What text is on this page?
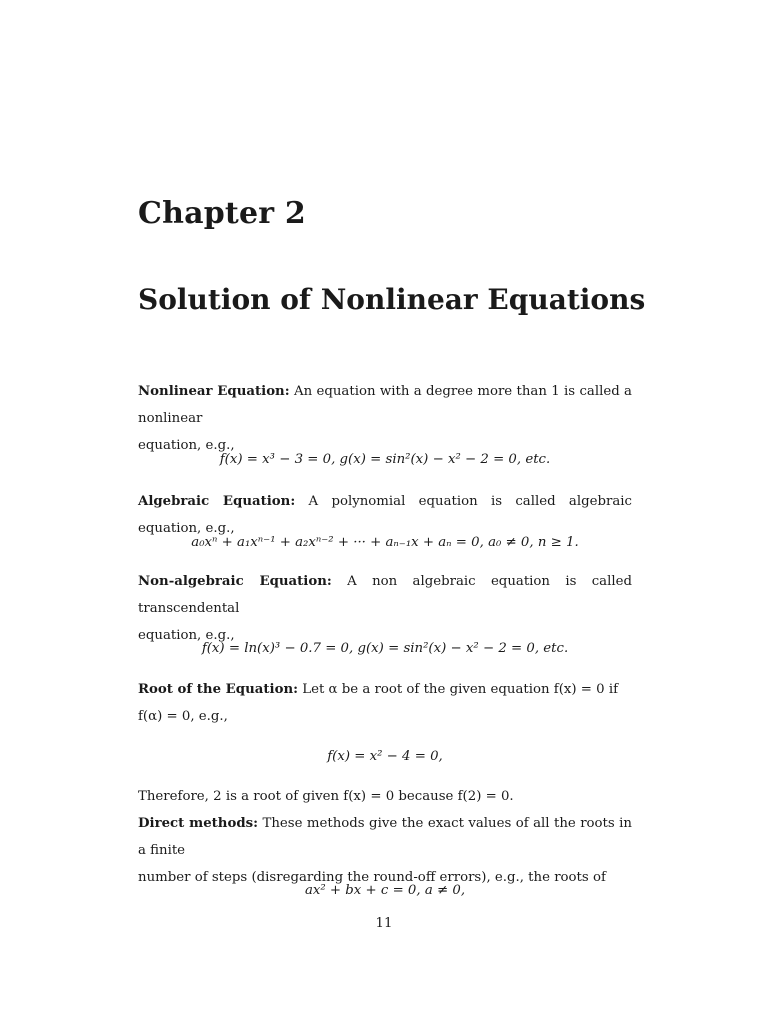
Chapter 2
Solution of Nonlinear Equations
Nonlinear Equation: An equation with a degree more than 1 is called a nonlinear
equation, e.g.,
f(x) = x³ − 3 = 0, g(x) = sin²(x) − x² − 2 = 0, etc.
Algebraic Equation: A polynomial equation is called algebraic equation, e.g.,
a₀xⁿ + a₁xⁿ⁻¹ + a₂xⁿ⁻² + ··· + aₙ₋₁x + aₙ = 0, a₀ ≠ 0, n ≥ 1.
Non-algebraic Equation: A non algebraic equation is called transcendental
equation, e.g.,
f(x) = ln(x)³ − 0.7 = 0, g(x) = sin²(x) − x² − 2 = 0, etc.
Root of the Equation: Let α be a root of the given equation f(x) = 0 if
f(α) = 0, e.g.,
f(x) = x² − 4 = 0,
Therefore, 2 is a root of given f(x) = 0 because f(2) = 0.
Direct methods: These methods give the exact values of all the roots in a finite
number of steps (disregarding the round-off errors), e.g., the roots of
ax² + bx + c = 0, a ≠ 0,
11
